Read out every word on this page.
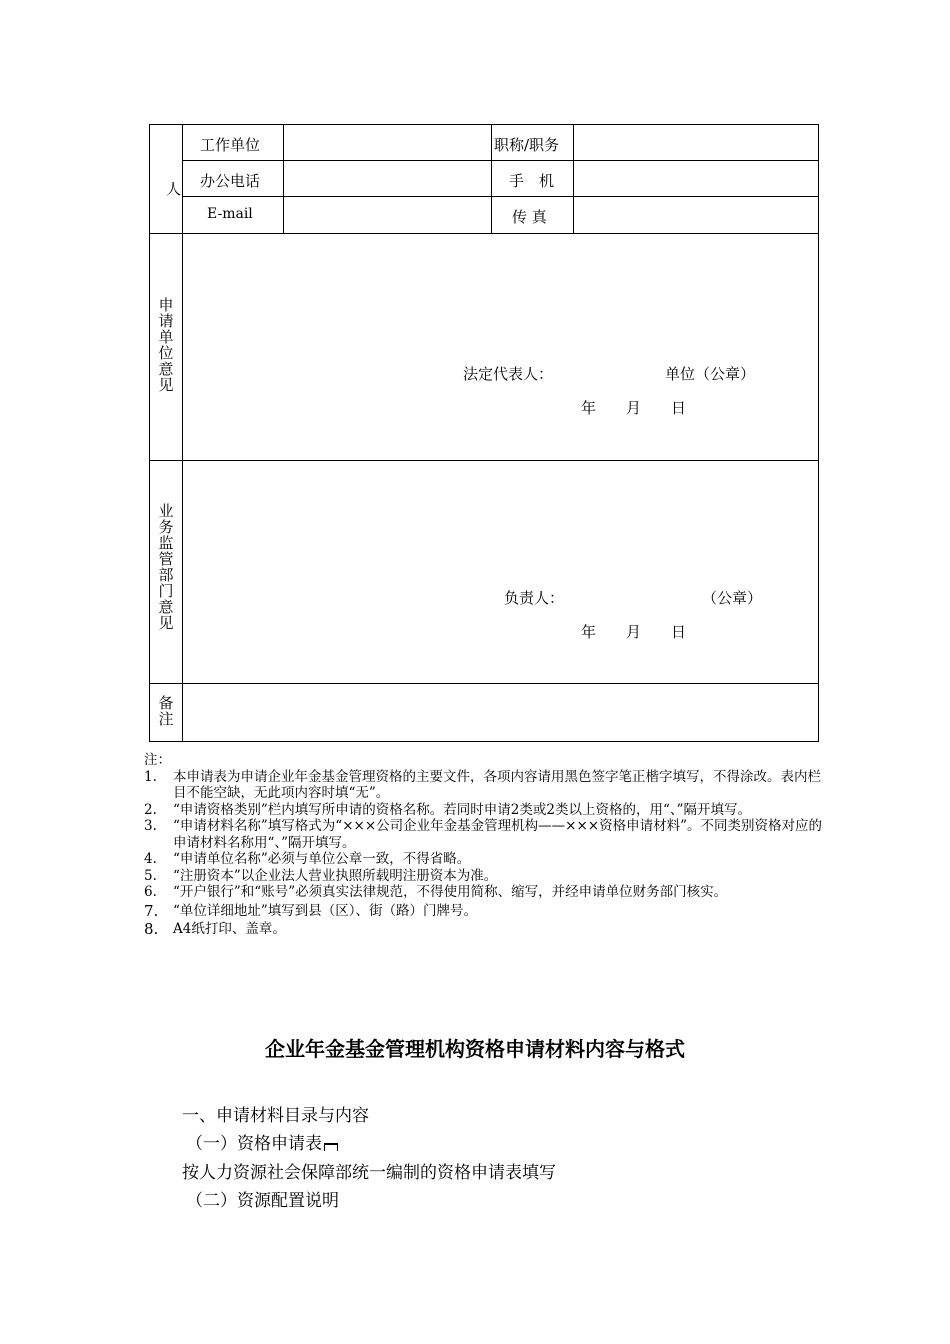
人
工作单位	职称/职务
办公电话	手　机
E-mail	传 真
申请单位意见
法定代表人：	单位（公章）
年　　月　　日
业务监管部门意见
负责人：	（公章）
年　　月　　日
备注
注：
1. 本申请表为申请企业年金基金管理资格的主要文件，各项内容请用黑色签字笔正楷字填写，不得涂改。表内栏目不能空缺，无此项内容时填“无”。
2. “申请资格类别”栏内填写所申请的资格名称。若同时申请2类或2类以上资格的，用“、”隔开填写。
3. “申请材料名称”填写格式为“×××公司企业年金基金管理机构——×××资格申请材料”。不同类别资格对应的申请材料名称用“、”隔开填写。
4. “申请单位名称”必须与单位公章一致，不得省略。
5. “注册资本”以企业法人营业执照所载明注册资本为准。
6. “开户银行”和“账号”必须真实法律规范，不得使用简称、缩写，并经申请单位财务部门核实。
7. “单位详细地址”填写到县（区）、街（路）门牌号。
8. A4纸打印、盖章。
企业年金基金管理机构资格申请材料内容与格式
一、申请材料目录与内容
（一）资格申请表
按人力资源社会保障部统一编制的资格申请表填写
（二）资源配置说明
